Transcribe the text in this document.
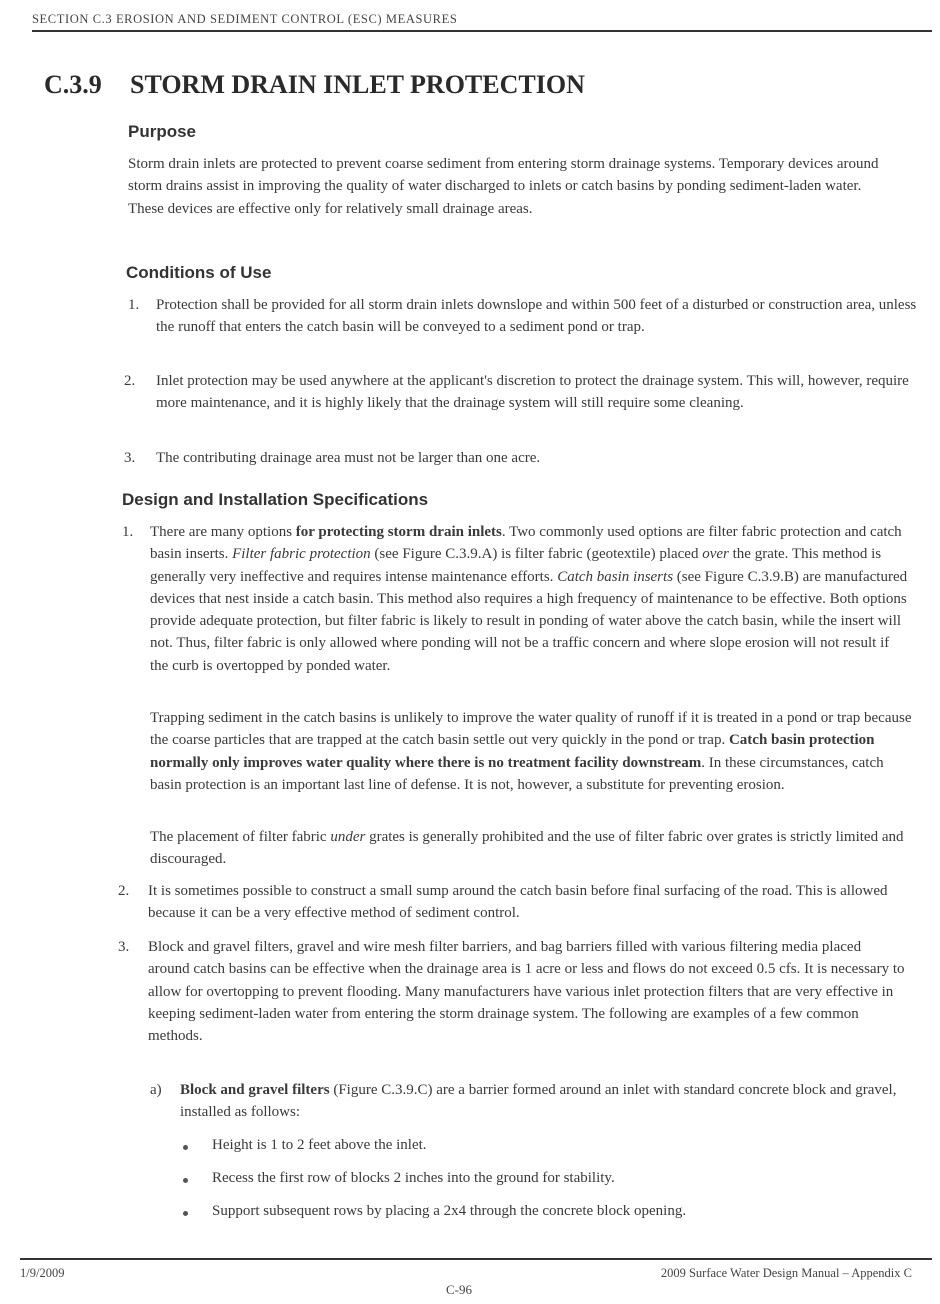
SECTION C.3 EROSION AND SEDIMENT CONTROL (ESC) MEASURES
C.3.9 STORM DRAIN INLET PROTECTION
Purpose

Storm drain inlets are protected to prevent coarse sediment from entering storm drainage systems. Temporary devices around storm drains assist in improving the quality of water discharged to inlets or catch basins by ponding sediment-laden water. These devices are effective only for relatively small drainage areas.

Conditions of Use
1. Protection shall be provided for all storm drain inlets downslope and within 500 feet of a disturbed or construction area, unless the runoff that enters the catch basin will be conveyed to a sediment pond or trap.

2. Inlet protection may be used anywhere at the applicant's discretion to protect the drainage system. This will, however, require more maintenance, and it is highly likely that the drainage system will still require some cleaning.

3. The contributing drainage area must not be larger than one acre.

Design and Installation Specifications
1. There are many options for protecting storm drain inlets. Two commonly used options are filter fabric protection and catch basin inserts. Filter fabric protection (see Figure C.3.9.A) is filter fabric (geotextile) placed over the grate. This method is generally very ineffective and requires intense maintenance efforts. Catch basin inserts (see Figure C.3.9.B) are manufactured devices that nest inside a catch basin. This method also requires a high frequency of maintenance to be effective. Both options provide adequate protection, but filter fabric is likely to result in ponding of water above the catch basin, while the insert will not. Thus, filter fabric is only allowed where ponding will not be a traffic concern and where slope erosion will not result if the curb is overtopped by ponded water.

Trapping sediment in the catch basins is unlikely to improve the water quality of runoff if it is treated in a pond or trap because the coarse particles that are trapped at the catch basin settle out very quickly in the pond or trap. Catch basin protection normally only improves water quality where there is no treatment facility downstream. In these circumstances, catch basin protection is an important last line of defense. It is not, however, a substitute for preventing erosion.

The placement of filter fabric under grates is generally prohibited and the use of filter fabric over grates is strictly limited and discouraged.

2. It is sometimes possible to construct a small sump around the catch basin before final surfacing of the road. This is allowed because it can be a very effective method of sediment control.

3. Block and gravel filters, gravel and wire mesh filter barriers, and bag barriers filled with various filtering media placed around catch basins can be effective when the drainage area is 1 acre or less and flows do not exceed 0.5 cfs. It is necessary to allow for overtopping to prevent flooding. Many manufacturers have various inlet protection filters that are very effective in keeping sediment-laden water from entering the storm drainage system. The following are examples of a few common methods.

a) Block and gravel filters (Figure C.3.9.C) are a barrier formed around an inlet with standard concrete block and gravel, installed as follows:

Height is 1 to 2 feet above the inlet.

Recess the first row of blocks 2 inches into the ground for stability.

Support subsequent rows by placing a 2x4 through the concrete block opening.

1/9/2009	2009 Surface Water Design Manual – Appendix C
C-96
